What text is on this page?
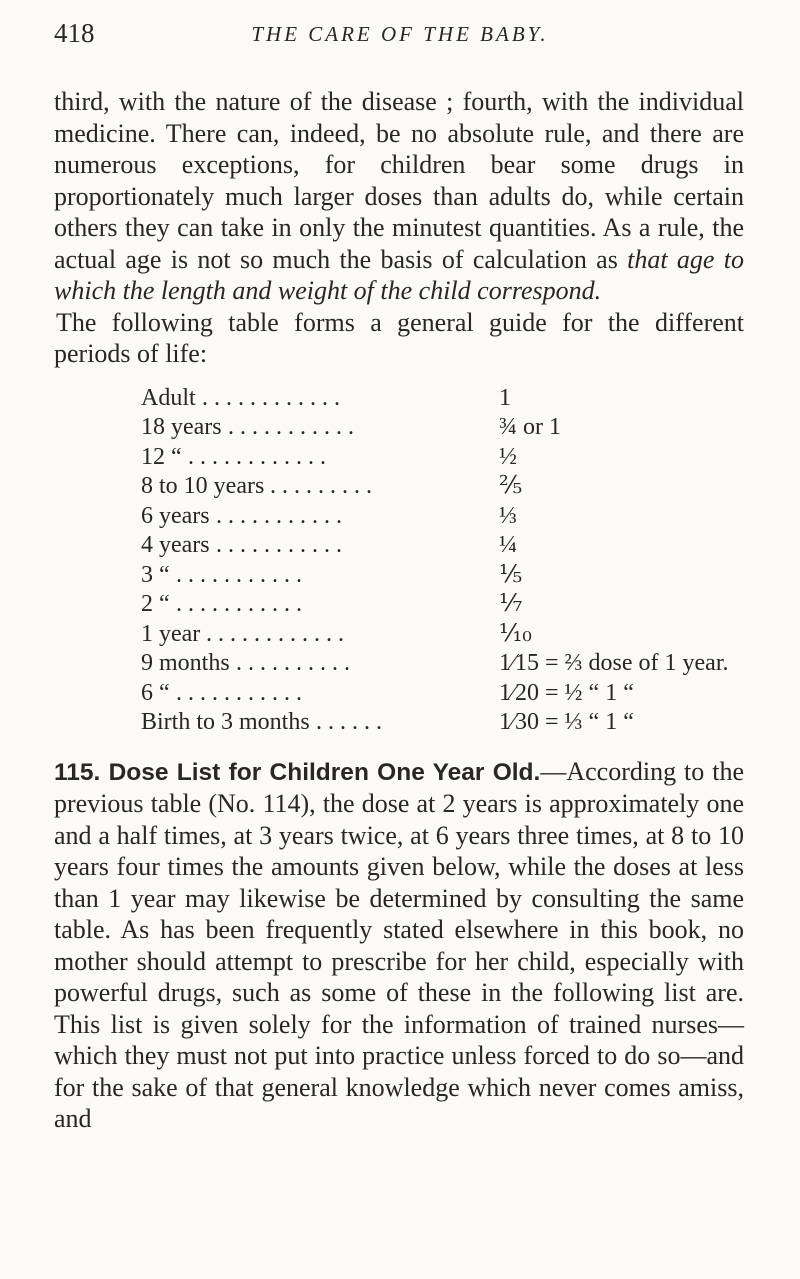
418	THE CARE OF THE BABY.

third, with the nature of the disease ; fourth, with the individual medicine. There can, indeed, be no absolute rule, and there are numerous exceptions, for children bear some drugs in proportionately much larger doses than adults do, while certain others they can take in only the minutest quantities. As a rule, the actual age is not so much the basis of calculation as that age to which the length and weight of the child correspond.

The following table forms a general guide for the different periods of life:

Adult . . . . . . . . . . . .	1
18 years . . . . . . . . . . .	¾ or 1
12 “ . . . . . . . . . . . .	½
8 to 10 years . . . . . . . . .	⅖
6 years . . . . . . . . . . .	⅓
4 years . . . . . . . . . . .	¼
3 “ . . . . . . . . . . .	⅕
2 “ . . . . . . . . . . .	⅐
1 year . . . . . . . . . . . .	⅒
9 months . . . . . . . . . .	1⁄15 = ⅔ dose of 1 year.
6 “ . . . . . . . . . . .	1⁄20 = ½ “ 1 “
Birth to 3 months . . . . . .	1⁄30 = ⅓ “ 1 “

115. Dose List for Children One Year Old.—According to the previous table (No. 114), the dose at 2 years is approximately one and a half times, at 3 years twice, at 6 years three times, at 8 to 10 years four times the amounts given below, while the doses at less than 1 year may likewise be determined by consulting the same table. As has been frequently stated elsewhere in this book, no mother should attempt to prescribe for her child, especially with powerful drugs, such as some of these in the following list are. This list is given solely for the information of trained nurses—which they must not put into practice unless forced to do so—and for the sake of that general knowledge which never comes amiss, and
